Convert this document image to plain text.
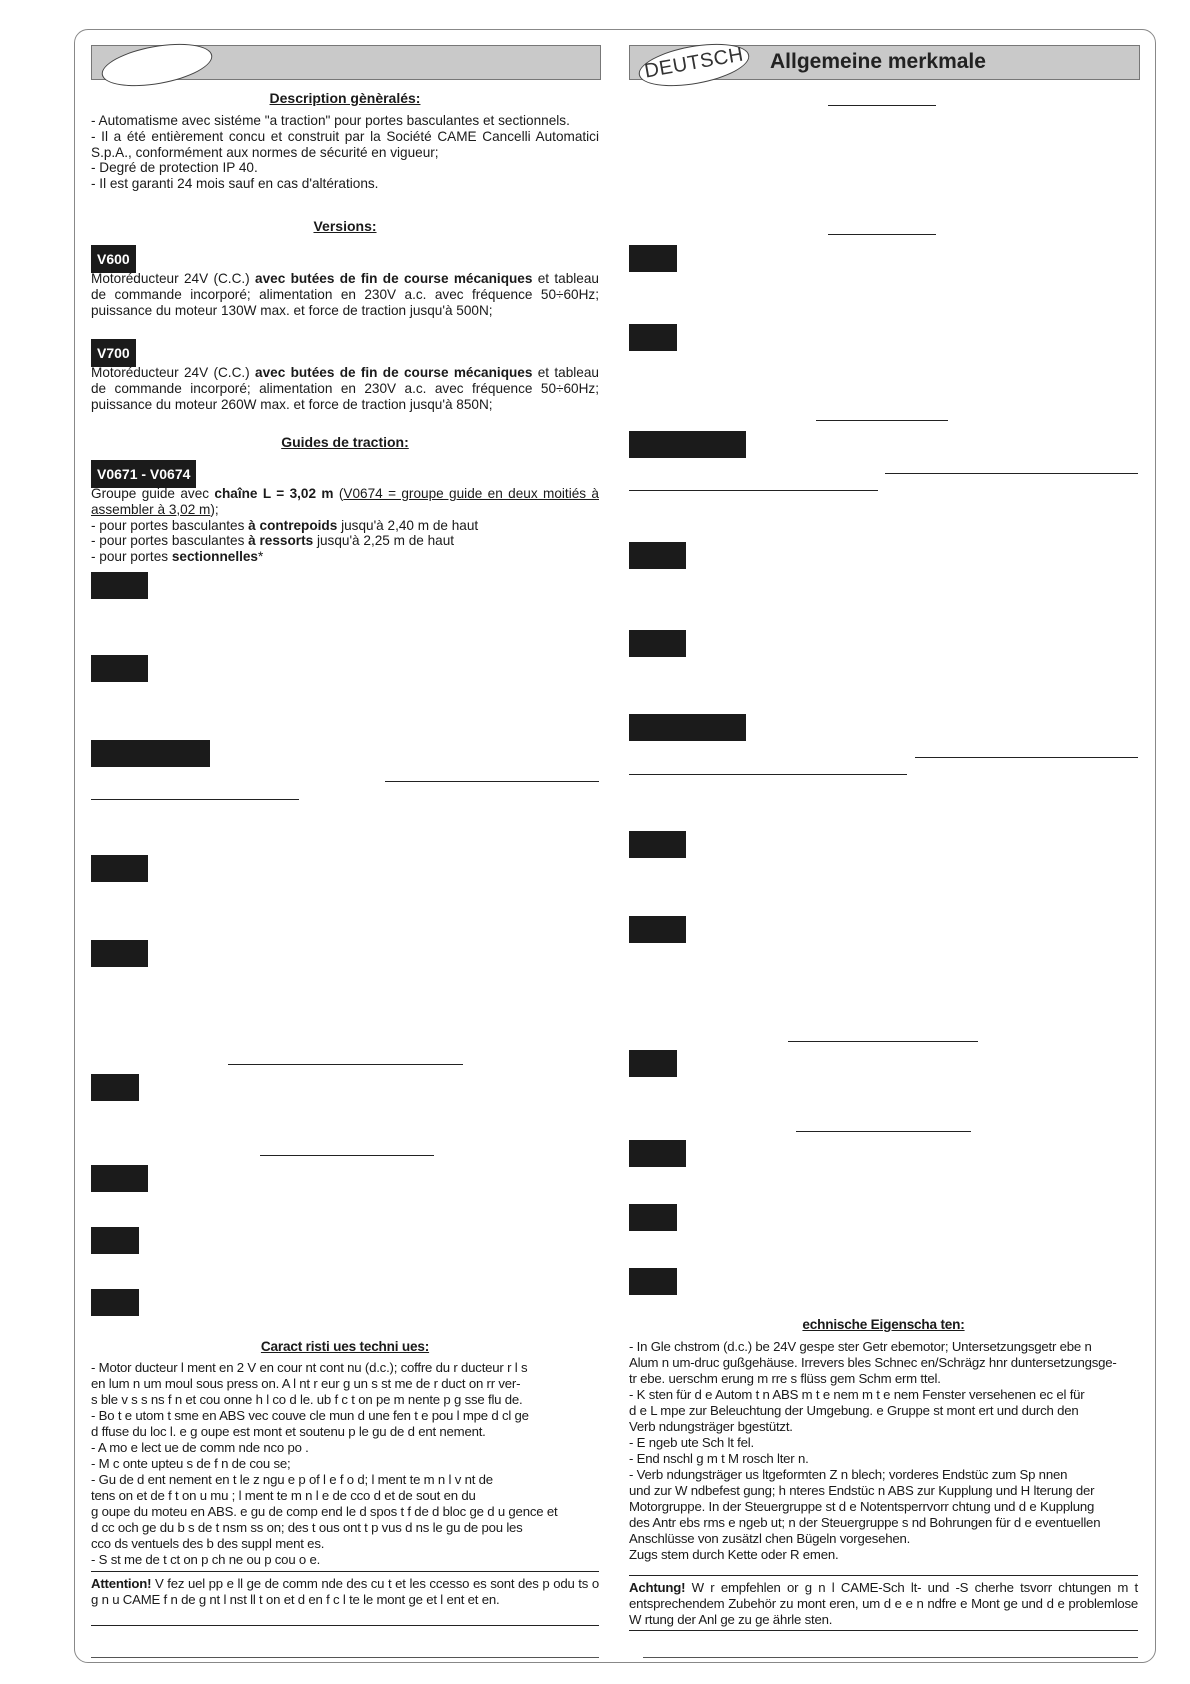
Description gènèralés:

- Automatisme avec sistéme "a traction" pour portes basculantes et sectionnels.

- Il a été entièrement concu et construit par la Société CAME Cancelli Automatici S.p.A., conformément aux normes de sécurité en vigueur;

- Degré de protection IP 40.

- Il est garanti 24 mois sauf en cas d'altérations.

Versions:
V600
Motoréducteur 24V (C.C.) avec butées de fin de course mécaniques et tableau de commande incorporé; alimentation en 230V a.c. avec fréquence 50÷60Hz; puissance du moteur 130W max. et force de traction jusqu'à 500N;
V700
Motoréducteur 24V (C.C.) avec butées de fin de course mécaniques et tableau de commande incorporé; alimentation en 230V a.c. avec fréquence 50÷60Hz; puissance du moteur 260W max. et force de traction jusqu'à 850N;
Guides de traction:
V0671 - V0674

Groupe guide avec chaîne L = 3,02 m (V0674 = groupe guide en deux moitiés à assembler à 3,02 m);

- pour portes basculantes à contrepoids jusqu'à 2,40 m de haut

- pour portes basculantes à ressorts jusqu'à 2,25 m de haut

- pour portes sectionnelles*

Caract risti ues techni ues:

- Motor ducteur l ment en 2 V en cour nt cont nu (d.c.); coffre du r ducteur r l s

en lum n um moul sous press on. A l nt r eur g un s st me de r duct on rr ver-

s ble v s s ns f n et cou onne h l co d le. ub f c t on pe m nente p g sse flu de.

- Bo t e utom t sme en ABS vec couve cle mun d une fen t e pou l mpe d cl ge

d ffuse du loc l. e g oupe est mont et soutenu p le gu de d ent nement.

- A mo e lect ue de comm nde nco po .

- M c onte upteu s de f n de cou se;

- Gu de d ent nement en t le z ngu e p of l e f o d; l ment te m n l v nt de

tens on et de f t on u mu ; l ment te m n l e de cco d et de sout en du

g oupe du moteu en ABS. e gu de comp end le d spos t f de d bloc ge d u gence et

d cc och ge du b s de t nsm ss on; des t ous ont t p vus d ns le gu de pou les

cco ds ventuels des b des suppl ment es.

- S st me de t ct on p ch ne ou p cou o e.

Attention! V fez uel pp e ll ge de comm nde des cu t et les ccesso es sont des p odu ts o g n u CAME f n de g nt l nst ll t on et d en f c l te le mont ge et l ent et en.
DEUTSCH Allgemeine merkmale
echnische Eigenscha ten:

- In Gle chstrom (d.c.) be 24V gespe ster Getr ebemotor; Untersetzungsgetr ebe n

Alum n um-druc gußgehäuse. Irrevers bles Schnec en/Schrägz hnr duntersetzungsge-

tr ebe. uerschm erung m rre s flüss gem Schm erm ttel.

- K sten für d e Autom t n ABS m t e nem m t e nem Fenster versehenen ec el für

d e L mpe zur Beleuchtung der Umgebung. e Gruppe st mont ert und durch den

Verb ndungsträger bgestützt.

- E ngeb ute Sch lt fel.

- End nschl g m t M rosch lter n.

- Verb ndungsträger us ltgeformten Z n blech; vorderes Endstüc zum Sp nnen

und zur W ndbefest gung; h nteres Endstüc n ABS zur Kupplung und H lterung der

Motorgruppe. In der Steuergruppe st d e Notentsperrvorr chtung und d e Kupplung

des Antr ebs rms e ngeb ut; n der Steuergruppe s nd Bohrungen für d e eventuellen

Anschlüsse von zusätzl chen Bügeln vorgesehen.

Zugs stem durch Kette oder R emen.

Achtung! W r empfehlen or g n l CAME-Sch lt- und -S cherhe tsvorr chtungen m t entsprechendem Zubehör zu mont eren, um d e e n ndfre e Mont ge und d e problemlose W rtung der Anl ge zu ge ährle sten.
